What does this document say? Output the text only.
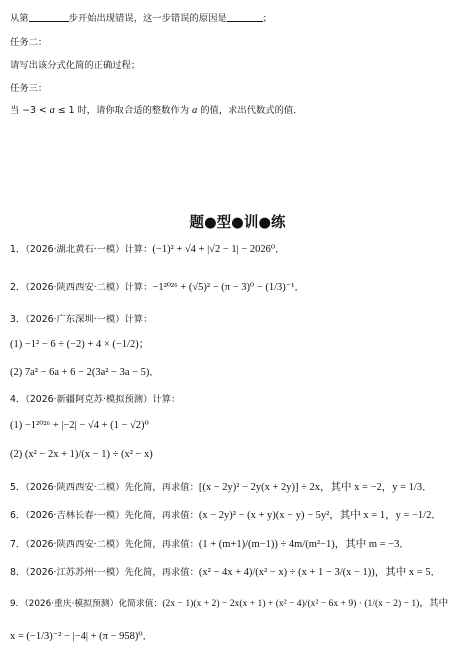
从第	步开始出现错误，这一步错误的原因是	；
任务二：
请写出该分式化简的正确过程；
任务三：
当 −3 < a ≤ 1 时，请你取合适的整数作为 a 的值，求出代数式的值．
题●型●训●练
1．（2026·湖北黄石·一模）计算：(−1)² + √4 + |√2 − 1| − 2026⁰．
2．（2026·陕西西安·二模）计算：−1²⁰²⁶ + (√5)² − (π − 3)⁰ − (1/3)⁻¹．
3．（2026·广东深圳·一模）计算：
(1) −1² − 6 ÷ (−2) + 4 × (−1/2)；
(2) 7a² − 6a + 6 − 2(3a² − 3a − 5)．
4．（2026·新疆阿克苏·模拟预测）计算：
(1) −1²⁰²⁶ + |−2| − √4 + (1 − √2)⁰
(2) (x² − 2x + 1)/(x − 1) ÷ (x² − x)
5．（2026·陕西西安·二模）先化简，再求值：[(x − 2y)² − 2y(x + 2y)] ÷ 2x，其中 x = −2，y = 1/3．
6．（2026·吉林长春·一模）先化简，再求值：(x − 2y)² − (x + y)(x − y) − 5y²，其中 x = 1，y = −1/2．
7．（2026·陕西西安·二模）先化简，再求值：(1 + (m+1)/(m−1)) ÷ 4m/(m²−1)，其中 m = −3．
8．（2026·江苏苏州·一模）先化简，再求值：(x² − 4x + 4)/(x² − x) ÷ (x + 1 − 3/(x − 1))，其中 x = 5．
9．（2026·重庆·模拟预测）化简求值：(2x − 1)(x + 2) − 2x(x + 1) + (x² − 4)/(x² − 6x + 9) · (1/(x − 2) − 1)，其中
x = (−1/3)⁻² − |−4| + (π − 958)⁰．
